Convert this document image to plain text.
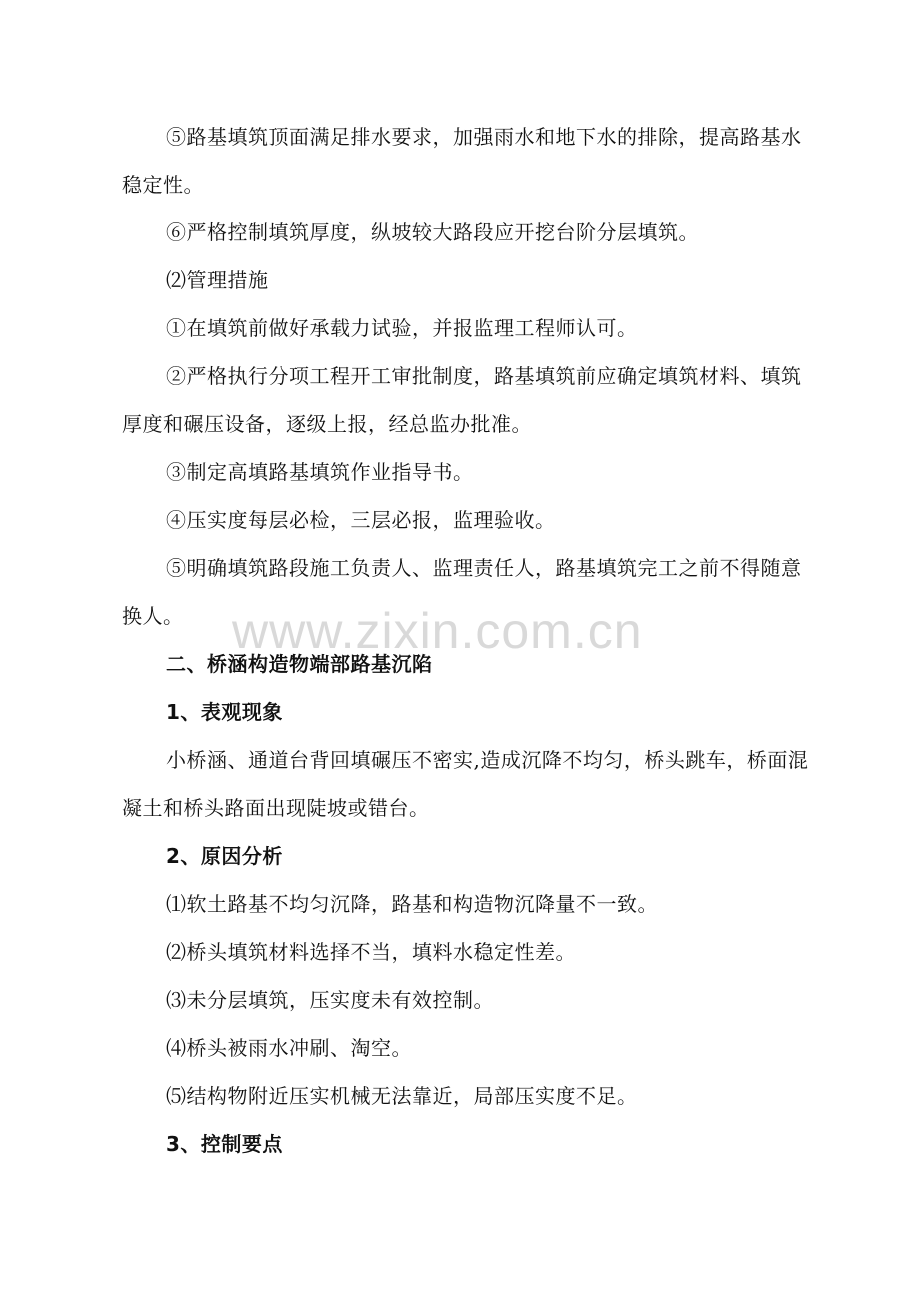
⑤路基填筑顶面满足排水要求，加强雨水和地下水的排除，提高路基水稳定性。

⑥严格控制填筑厚度，纵坡较大路段应开挖台阶分层填筑。

⑵管理措施

①在填筑前做好承载力试验，并报监理工程师认可。

②严格执行分项工程开工审批制度，路基填筑前应确定填筑材料、填筑厚度和碾压设备，逐级上报，经总监办批准。

③制定高填路基填筑作业指导书。

④压实度每层必检，三层必报，监理验收。

⑤明确填筑路段施工负责人、监理责任人，路基填筑完工之前不得随意换人。

二、桥涵构造物端部路基沉陷

1、表观现象

小桥涵、通道台背回填碾压不密实,造成沉降不均匀，桥头跳车，桥面混凝土和桥头路面出现陡坡或错台。

2、原因分析

⑴软土路基不均匀沉降，路基和构造物沉降量不一致。

⑵桥头填筑材料选择不当，填料水稳定性差。

⑶未分层填筑，压实度未有效控制。

⑷桥头被雨水冲刷、淘空。

⑸结构物附近压实机械无法靠近，局部压实度不足。

3、控制要点

www.zixin.com.cn
